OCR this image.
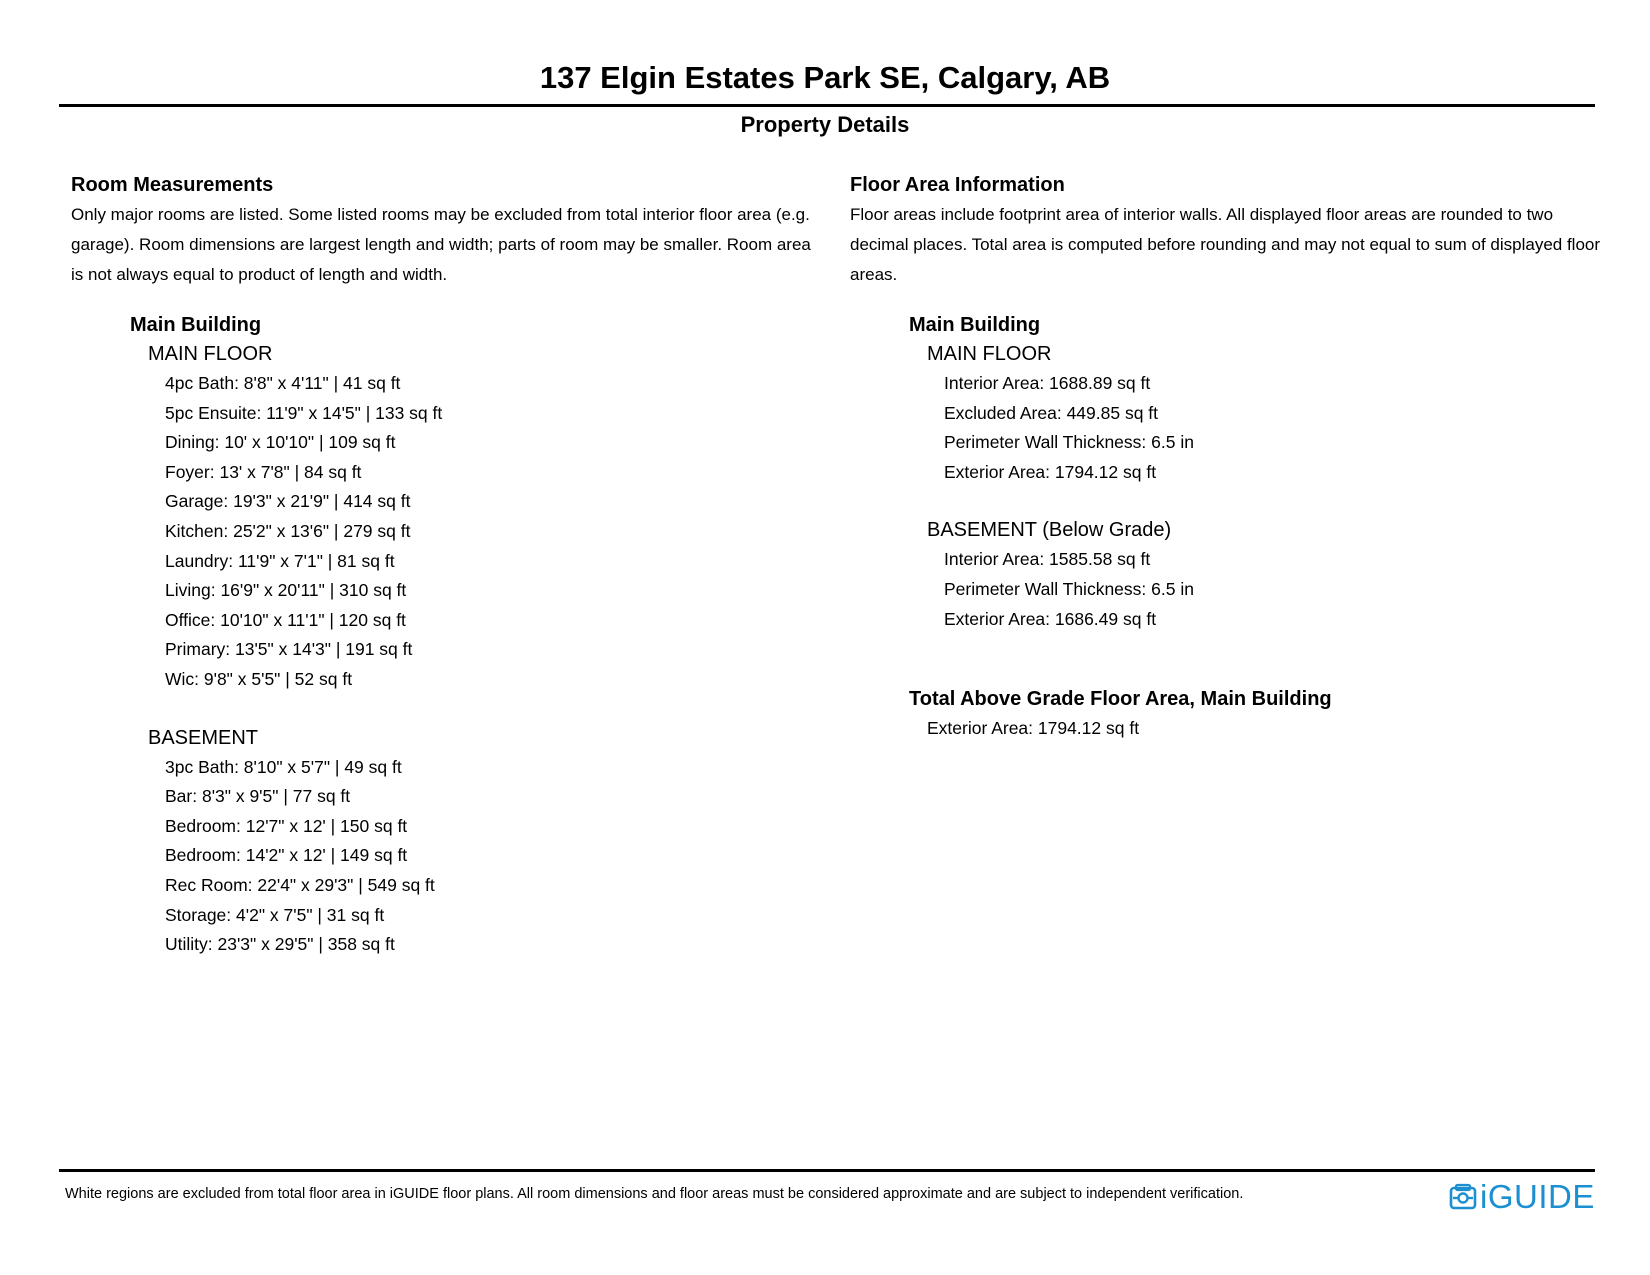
137 Elgin Estates Park SE, Calgary, AB
Property Details
Room Measurements

Only major rooms are listed. Some listed rooms may be excluded from total interior floor area (e.g. garage). Room dimensions are largest length and width; parts of room may be smaller. Room area is not always equal to product of length and width.

Main Building
MAIN FLOOR
4pc Bath: 8'8" x 4'11" | 41 sq ft
5pc Ensuite: 11'9" x 14'5" | 133 sq ft
Dining: 10' x 10'10" | 109 sq ft
Foyer: 13' x 7'8" | 84 sq ft
Garage: 19'3" x 21'9" | 414 sq ft
Kitchen: 25'2" x 13'6" | 279 sq ft
Laundry: 11'9" x 7'1" | 81 sq ft
Living: 16'9" x 20'11" | 310 sq ft
Office: 10'10" x 11'1" | 120 sq ft
Primary: 13'5" x 14'3" | 191 sq ft
Wic: 9'8" x 5'5" | 52 sq ft
BASEMENT
3pc Bath: 8'10" x 5'7" | 49 sq ft
Bar: 8'3" x 9'5" | 77 sq ft
Bedroom: 12'7" x 12' | 150 sq ft
Bedroom: 14'2" x 12' | 149 sq ft
Rec Room: 22'4" x 29'3" | 549 sq ft
Storage: 4'2" x 7'5" | 31 sq ft
Utility: 23'3" x 29'5" | 358 sq ft
Floor Area Information

Floor areas include footprint area of interior walls. All displayed floor areas are rounded to two decimal places. Total area is computed before rounding and may not equal to sum of displayed floor areas.

Main Building
MAIN FLOOR
Interior Area: 1688.89 sq ft
Excluded Area: 449.85 sq ft
Perimeter Wall Thickness: 6.5 in
Exterior Area: 1794.12 sq ft
BASEMENT (Below Grade)
Interior Area: 1585.58 sq ft
Perimeter Wall Thickness: 6.5 in
Exterior Area: 1686.49 sq ft
Total Above Grade Floor Area, Main Building
Exterior Area: 1794.12 sq ft
White regions are excluded from total floor area in iGUIDE floor plans. All room dimensions and floor areas must be considered approximate and are subject to independent verification.	iGUIDE
